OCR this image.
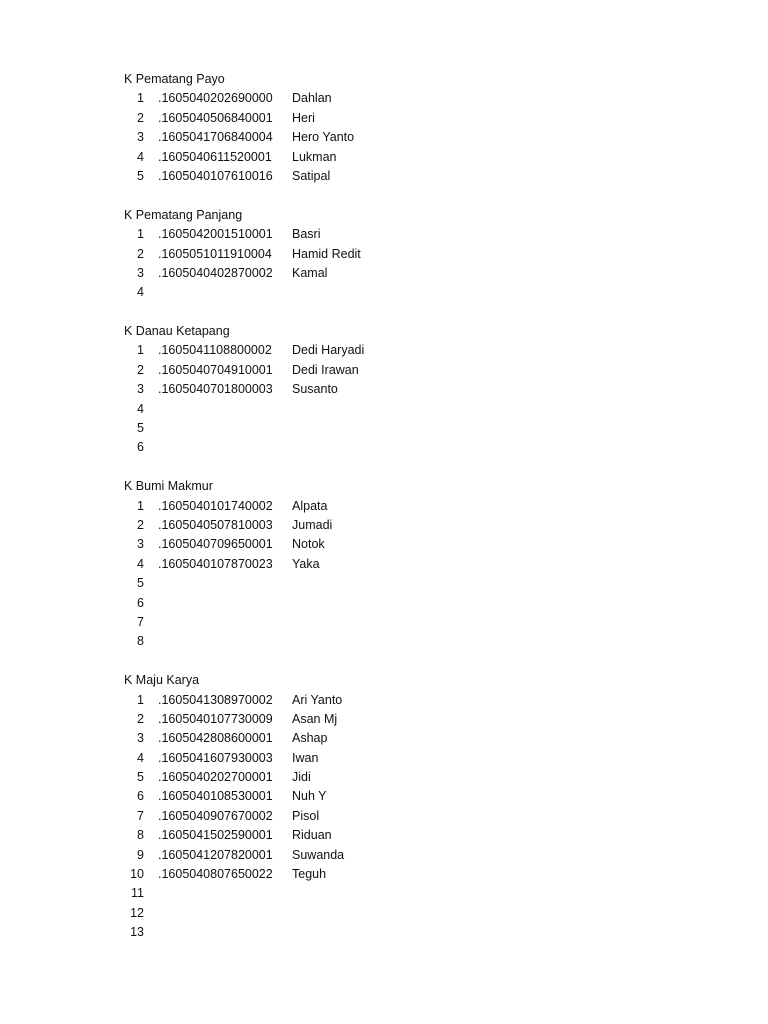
K Pematang Payo
1 .1605040202690000 Dahlan
2 .1605040506840001 Heri
3 .1605041706840004 Hero Yanto
4 .1605040611520001 Lukman
5 .1605040107610016 Satipal
K Pematang Panjang
1 .1605042001510001 Basri
2 .1605051011910004 Hamid Redit
3 .1605040402870002 Kamal
4
K Danau Ketapang
1 .1605041108800002 Dedi Haryadi
2 .1605040704910001 Dedi Irawan
3 .1605040701800003 Susanto
4
5
6
K Bumi Makmur
1 .1605040101740002 Alpata
2 .1605040507810003 Jumadi
3 .1605040709650001 Notok
4 .1605040107870023 Yaka
5
6
7
8
K Maju Karya
1 .1605041308970002 Ari Yanto
2 .1605040107730009 Asan Mj
3 .1605042808600001 Ashap
4 .1605041607930003 Iwan
5 .1605040202700001 Jidi
6 .1605040108530001 Nuh Y
7 .1605040907670002 Pisol
8 .1605041502590001 Riduan
9 .1605041207820001 Suwanda
10 .1605040807650022 Teguh
11
12
13
